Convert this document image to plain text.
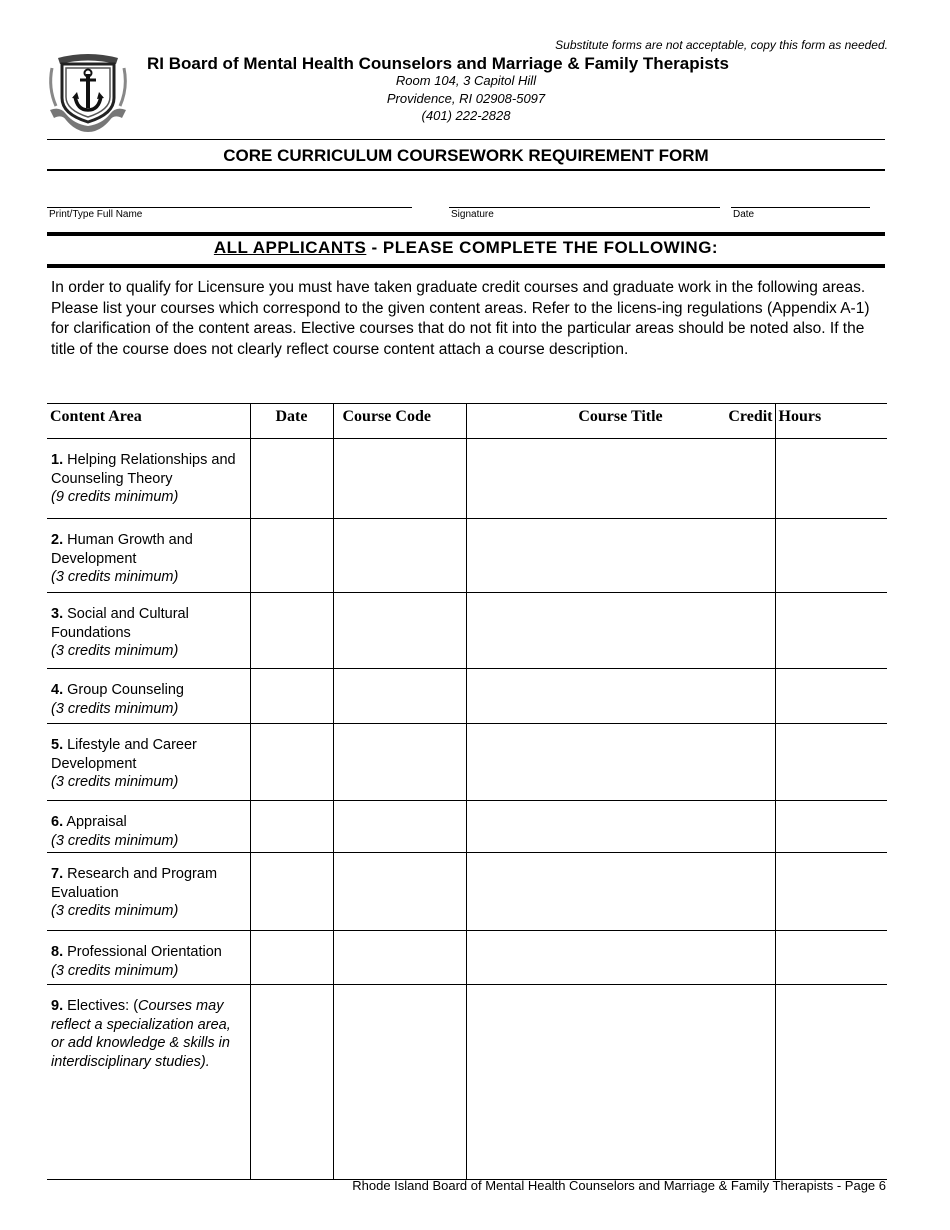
Substitute forms are not acceptable, copy this form as needed.
RI Board of Mental Health Counselors and Marriage & Family Therapists
Room 104, 3 Capitol Hill
Providence, RI 02908-5097
(401) 222-2828
CORE CURRICULUM COURSEWORK REQUIREMENT FORM
Print/Type Full Name	Signature	Date
ALL APPLICANTS - PLEASE COMPLETE THE FOLLOWING:
In order to qualify for Licensure you must have taken graduate credit courses and graduate work in the following areas. Please list your courses which correspond to the given content areas. Refer to the licens-ing regulations (Appendix A-1) for clarification of the content areas. Elective courses that do not fit into the particular areas should be noted also. If the title of the course does not clearly reflect course content attach a course description.
Content Area	Date	Course Code	Course Title Credit	Hours
1. Helping Relationships and Counseling Theory
(9 credits minimum)				
2. Human Growth and Development
(3 credits minimum)				
3. Social and Cultural Foundations
(3 credits minimum)				
4. Group Counseling
(3 credits minimum)				
5. Lifestyle and Career Development
(3 credits minimum)				
6. Appraisal
(3 credits minimum)				
7. Research and Program Evaluation
(3 credits minimum)				
8. Professional Orientation
(3 credits minimum)				
9. Electives: (Courses may reflect a specialization area, or add knowledge & skills in interdisciplinary studies).				
Rhode Island Board of Mental Health Counselors and Marriage & Family Therapists - Page 6
